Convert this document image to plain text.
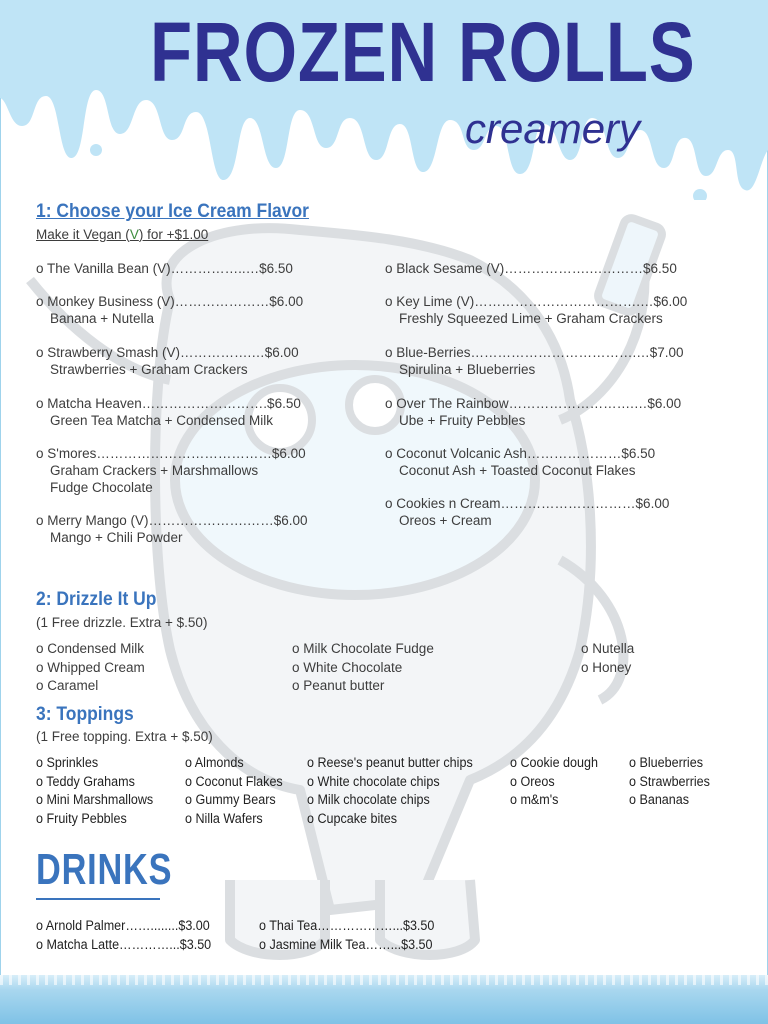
FROZEN ROLLS
creamery
1: Choose your Ice Cream Flavor
Make it Vegan (V) for +$1.00
o The Vanilla Bean (V)……………..…$6.50
o Monkey Business (V)…………………$6.00
Banana + Nutella
o Strawberry Smash (V)…………….…$6.00
Strawberries + Graham Crackers
o Matcha Heaven……………………….$6.50
Green Tea Matcha + Condensed Milk
o S'mores…………………………………$6.00
Graham Crackers + Marshmallows
Fudge Chocolate
o Merry Mango (V)………………….……$6.00
Mango + Chili Powder
o Black Sesame (V)……………….…………$6.50
o Key Lime (V)……………………………….…$6.00
Freshly Squeezed Lime + Graham Crackers
o Blue-Berries……………………………….…$7.00
Spirulina + Blueberries
o Over The Rainbow……………………….…$6.00
Ube + Fruity Pebbles
o Coconut Volcanic Ash…………………$6.50
Coconut Ash + Toasted Coconut Flakes
o Cookies n Cream…………………………$6.00
Oreos + Cream
2: Drizzle It Up
(1 Free drizzle. Extra + $.50)
o Condensed Milk
o Whipped Cream
o Caramel
o Milk Chocolate Fudge
o White Chocolate
o Peanut butter
o Nutella
o Honey
3: Toppings
(1 Free topping. Extra + $.50)
o Sprinkles
o Teddy Grahams
o Mini Marshmallows
o Fruity Pebbles
o Almonds
o Coconut Flakes
o Gummy Bears
o Nilla Wafers
o Reese's peanut butter chips
o White chocolate chips
o Milk chocolate chips
o Cupcake bites
o Cookie dough
o Oreos
o m&m's
o Blueberries
o Strawberries
o Bananas
DRINKS
o Arnold Palmer……........$3.00
o Matcha Latte…………...$3.50
o Thai Tea………………...$3.50
o Jasmine Milk Tea……...$3.50
